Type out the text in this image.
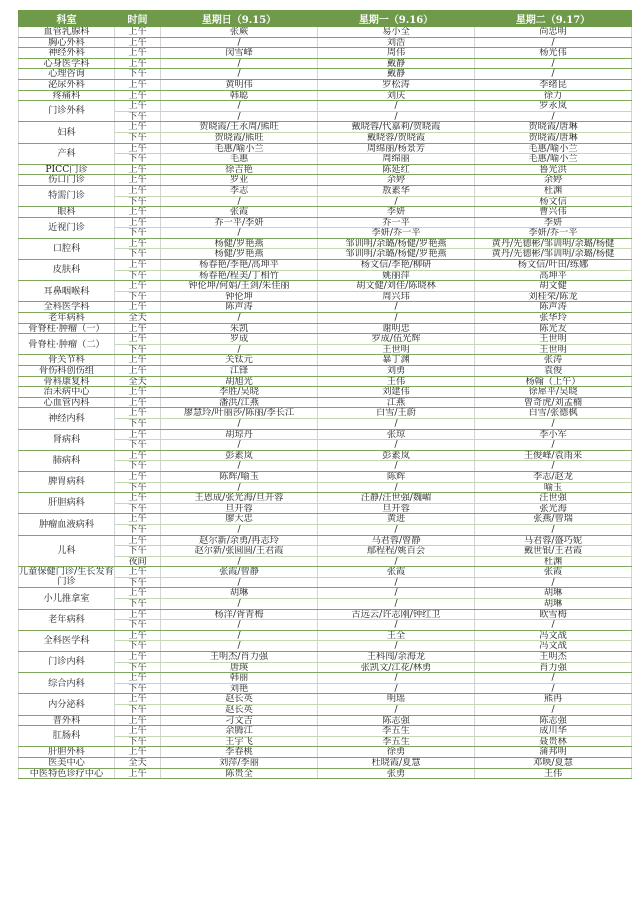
科室	时间	星期日（9.15）	星期一（9.16）	星期二（9.17）
血管乳腺科	上午	张蕨	易小全	尚忠明
胸心外科	上午	/	刘浩	/
神经外科	上午	闵雪峰	周伟	杨光伟
心身医学科	上午	/	戴静	/
心理咨询	下午	/	戴静	/
泌尿外科	上午	黄明伟	罗松涛	李绪昆
疼痛科	上午	韩聪	刘庆	徐力
门诊外科	上午	/	/	罗永岚
	下午	/	/	/
妇科	上午	贺晓霞/王永周/熊旺	戴晓蓉/代嘉莉/贺晓霞	贺晓霞/唐琳
	下午	贺晓霞/熊旺	戴晓蓉/贺晓霞	贺晓霞/唐琳
产科	上午	毛惠/喻小兰	周绵丽/杨景芳	毛惠/喻小兰
	下午	毛惠	周绵丽	毛惠/喻小兰
PICC门诊	上午	徐吉艳	陈延红	鲁光洪
伤口门诊	上午	罗业	余婷	余婷
特需门诊	上午	李志	敖素华	杜渊
	下午	/	/	杨文信
眼科	上午	张霞	李妍	曹兴伟
近视门诊	上午	乔一平/李妍	乔一平	李妍
	下午	/	李妍/乔一平	李妍/乔一平
口腔科	上午	杨健/罗艳燕	邹训明/余璐/杨健/罗艳燕	黄丹/先德彬/邹训明/余璐/杨健
	下午	杨健/罗艳燕	邹训明/余璐/杨健/罗艳燕	黄丹/先德彬/邹训明/余璐/杨健
皮肤科	上午	杨春艳/李艳/高坤平	杨文信/李艳/柳研	杨文信/叶田/练娜
	下午	杨春艳/程美/丁相竹	姚丽萍	高坤平
耳鼻咽喉科	上午	钟伦坤/何娟/王剑/朱佳丽	胡文健/刘佳/陈晓林	胡文健
	下午	钟伦坤	周兴玮	刘桂荣/陈龙
全科医学科	上午	陈声涛	/	陈声涛
老年病科	全天	/	/	张华玲
骨脊柱·肿瘤（一）	上午	朱凯	谢明忠	陈光友
骨脊柱·肿瘤（二）	上午	罗成	罗成/伍光辉	王世明
	下午	/	王世明	王世明
骨关节科	上午	关钛元	暴丁渊	张涛
骨伤科创伤组	上午	江锋	刘勇	袁俊
骨科康复科	全天	胡旭光	王伟	杨翰（上午）
治未病中心	上午	李胜/吴晓	刘建伟	徐犀平/吴晓
心血管内科	上午	潘洪/江燕	江燕	曾奇虎/刘孟楠
神经内科	上午	廖慧玲/叶丽莎/陈丽/李长江	白雪/王蔚	白雪/张德枫
	下午	/	/	/
肾病科	上午	胡琼丹	张琼	李小军
	下午	/	/	/
肺病科	上午	彭素岚	彭素岚	王俊峰/袁雨来
	下午	/	/	/
脾胃病科	上午	陈辉/喻玉	陈辉	李志/赵龙
	下午	/	/	喻玉
肝胆病科	上午	王恩成/张光海/旦开蓉	汪静/汪世强/魏嵋	汪世强
	下午	旦开蓉	旦开蓉	张光海
肿瘤血液病科	上午	廖大忠	黄进	张燕/曾瑞
	下午	/	/	/
儿科	上午	赵尔新/余勇/冉志玲	马君蓉/曾静	马君蓉/盛巧妮
	下午	赵尔新/张圆圆/王君霞	鄢程程/姚百会	戴世银/王君霞
	夜间	/	/	杜渊
儿童保健门诊/生长发育门诊	上午	张霞/曾静	张霞	张霞
	下午	/	/	/
小儿推拿室	上午	胡琳	/	胡琳
	下午	/	/	胡琳
老年病科	上午	杨洋/胥青梅	古远云/许志刚/钟红卫	欧雪梅
	下午	/	/	/
全科医学科	上午	/	王全	冯文战
	下午	/	/	冯文战
门诊内科	上午	王明杰/肖力强	王科闯/余海龙	王明杰
	下午	唐瑛	张凯文/江花/林勇	肖力强
综合内科	上午	韩丽	/	/
	下午	刘艳	/	/
内分泌科	上午	赵长英	明瑶	熊冉
	下午	赵长英	/	/
普外科	上午	刁文吉	陈志强	陈志强
肛肠科	上午	余腾江	李五生	成川华
	下午	王宇飞	李五生	聂贵林
肝胆外科	上午	李春桃	徐勇	蒲邦明
医美中心	全天	刘萍/李丽	杜晓霞/夏慧	邓映/夏慧
中医特色诊疗中心	上午	陈贵全	张勇	王伟
